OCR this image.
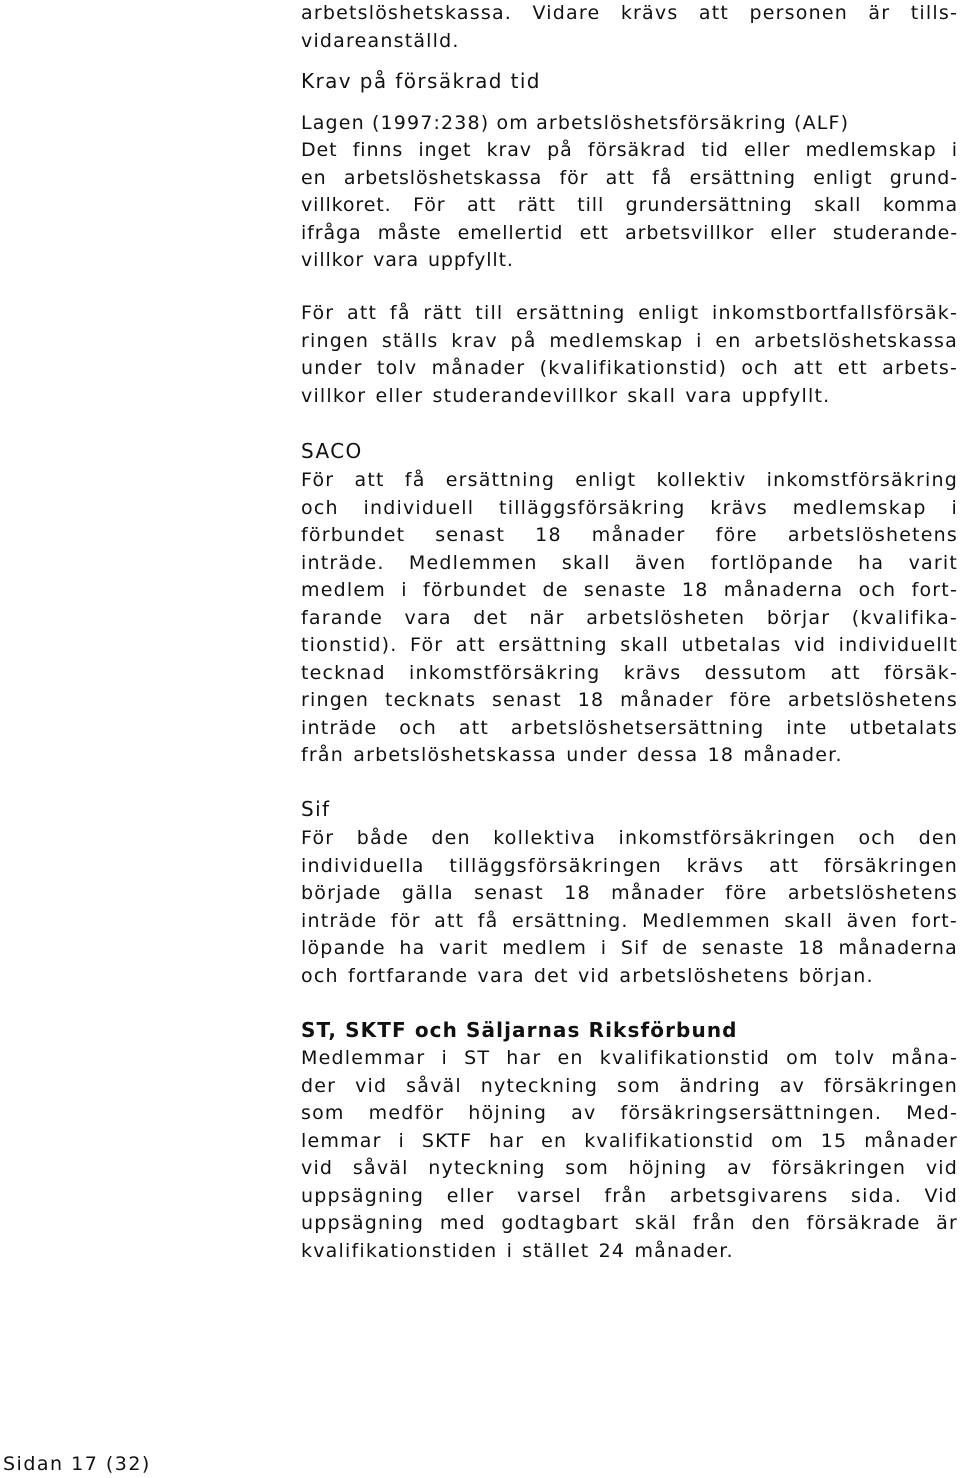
arbetslöshetskassa. Vidare krävs att personen är tills-
vidareanställd.
Krav på försäkrad tid
Lagen (1997:238) om arbetslöshetsförsäkring (ALF)
Det finns inget krav på försäkrad tid eller medlemskap i
en arbetslöshetskassa för att få ersättning enligt grund-
villkoret. För att rätt till grundersättning skall komma
ifråga måste emellertid ett arbetsvillkor eller studerande-
villkor vara uppfyllt.
För att få rätt till ersättning enligt inkomstbortfallsförsäk-
ringen ställs krav på medlemskap i en arbetslöshetskassa
under tolv månader (kvalifikationstid) och att ett arbets-
villkor eller studerandevillkor skall vara uppfyllt.
SACO
För att få ersättning enligt kollektiv inkomstförsäkring
och individuell tilläggsförsäkring krävs medlemskap i
förbundet senast 18 månader före arbetslöshetens
inträde. Medlemmen skall även fortlöpande ha varit
medlem i förbundet de senaste 18 månaderna och fort-
farande vara det när arbetslösheten börjar (kvalifika-
tionstid). För att ersättning skall utbetalas vid individuellt
tecknad inkomstförsäkring krävs dessutom att försäk-
ringen tecknats senast 18 månader före arbetslöshetens
inträde och att arbetslöshetsersättning inte utbetalats
från arbetslöshetskassa under dessa 18 månader.
Sif
För både den kollektiva inkomstförsäkringen och den
individuella tilläggsförsäkringen krävs att försäkringen
började gälla senast 18 månader före arbetslöshetens
inträde för att få ersättning. Medlemmen skall även fort-
löpande ha varit medlem i Sif de senaste 18 månaderna
och fortfarande vara det vid arbetslöshetens början.
ST, SKTF och Säljarnas Riksförbund
Medlemmar i ST har en kvalifikationstid om tolv måna-
der vid såväl nyteckning som ändring av försäkringen
som medför höjning av försäkringsersättningen. Med-
lemmar i SKTF har en kvalifikationstid om 15 månader
vid såväl nyteckning som höjning av försäkringen vid
uppsägning eller varsel från arbetsgivarens sida. Vid
uppsägning med godtagbart skäl från den försäkrade är
kvalifikationstiden i stället 24 månader.
Sidan 17 (32)
